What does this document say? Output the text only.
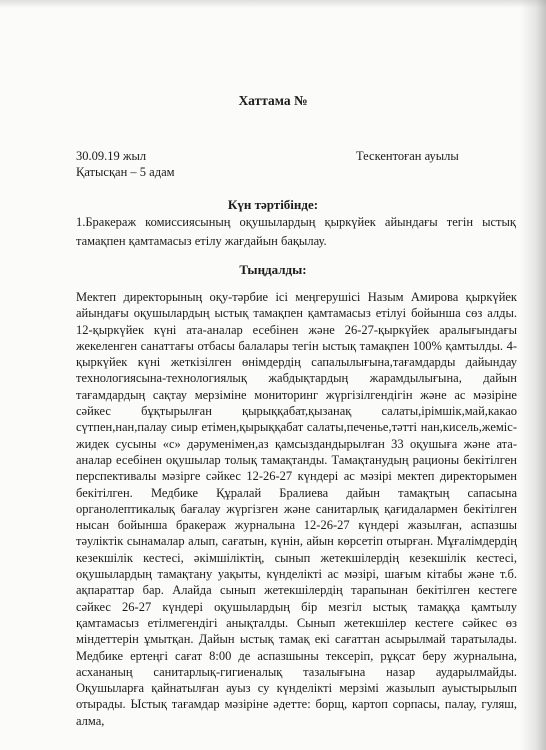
Хаттама №
30.09.19 жыл
Қатысқан – 5 адам
Тескентоған ауылы
Күн тәртібінде:
1.Бракераж комиссиясының оқушылардың қыркүйек айындағы тегін ыстық тамақпен қамтамасыз етілу жағдайын бақылау.
Тыңдалды:
Мектеп директорының оқу-тәрбие ісі меңгерушісі Назым Амирова қыркүйек айындағы оқушылардың ыстық тамақпен қамтамасыз етілуі бойынша сөз алды. 12-қыркүйек күні ата-аналар есебінен және 26-27-қыркүйек аралығындағы жекеленген санаттағы отбасы балалары тегін ыстық тамақпен 100% қамтылды. 4-қыркүйек күні жеткізілген өнімдердің сапалылығына,тағамдарды дайындау технологиясына-технологиялық жабдықтардың жарамдылығына, дайын тағамдардың сақтау мерзіміне мониторинг жүргізілгендігін және ас мәзіріне сәйкес бұқтырылған қырыққабат,қызанақ салаты,ірімшік,май,какао сүтпен,нан,палау сиыр етімен,қырыққабат салаты,печенье,тәтті нан,кисель,жеміс-жидек сусыны «с» дәруменімен,аз қамсыздандырылған 33 оқушыға және ата-аналар есебінен оқушылар толық тамақтанды. Тамақтанудың рационы бекітілген перспективалы мәзірге сәйкес 12-26-27 күндері ас мәзірі мектеп директорымен бекітілген. Медбике Құралай Бралиева дайын тамақтың сапасына органолептикалық бағалау жүргізген және санитарлық қағидалармен бекітілген нысан бойынша бракераж журналына 12-26-27 күндері жазылған, аспазшы тәуліктік сынамалар алып, сағатын, күнін, айын көрсетіп отырған. Мұғалімдердің кезекшілік кестесі, әкімшіліктің, сынып жетекшілердің кезекшілік кестесі, оқушылардың тамақтану уақыты, күнделікті ас мәзірі, шағым кітабы және т.б. ақпараттар бар. Алайда сынып жетекшілердің тарапынан бекітілген кестеге сәйкес 26-27 күндері оқушылардың бір мезгіл ыстық тамаққа қамтылу қамтамасыз етілмегендігі анықталды. Сынып жетекшілер кестеге сәйкес өз міндеттерін ұмытқан. Дайын ыстық тамақ екі сағаттан асырылмай таратылады. Медбике ертеңгі сағат 8:00 де аспазшыны тексеріп, рұқсат беру журналына, асхананың санитарлық-гигиеналық тазалығына назар аударылмайды. Оқушыларға қайнатылған ауыз су күнделікті мерзімі жазылып ауыстырылып отырады. Ыстық тағамдар мәзіріне әдетте: борщ, картоп сорпасы, палау, гуляш, алма,
